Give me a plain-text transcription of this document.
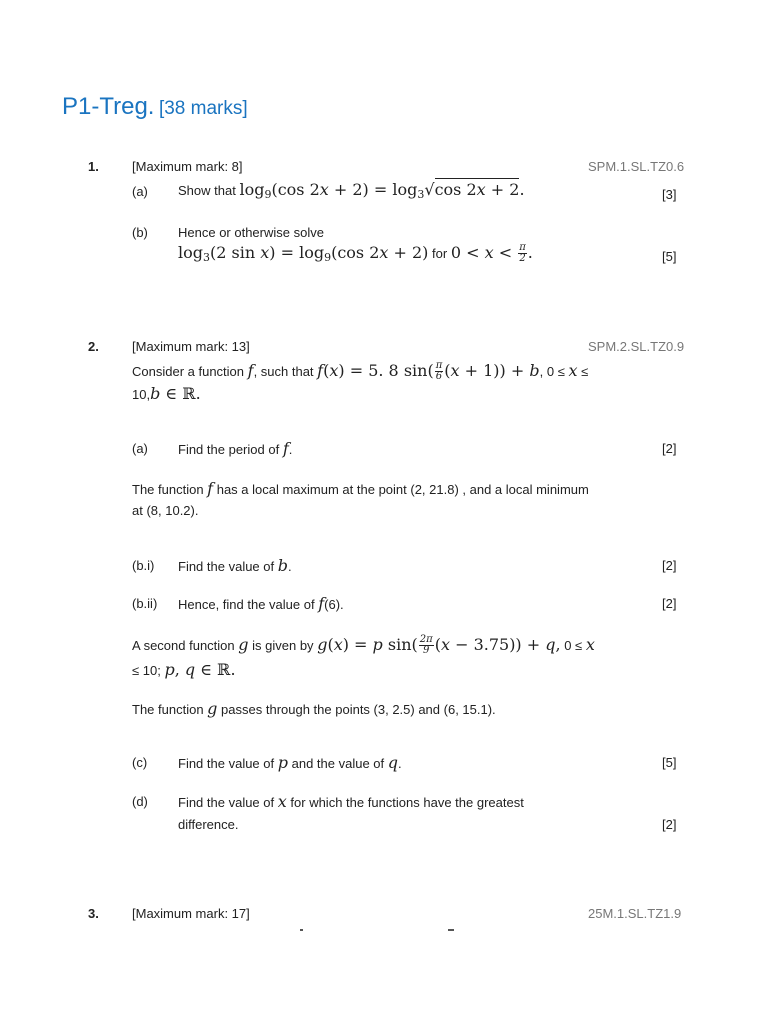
P1-Treg. [38 marks]
1.	[Maximum mark: 8]	SPM.1.SL.TZ0.6
(a) Show that $\log_9(\cos$ $2x + 2) = \log_3√\cos$ 2x + 2.	[3]
(b) Hence or otherwise solve
$\log_3(2$ $\sin x) = \log_9(\cos$ 2x + 2) for $0 < x < \frac{\pi}{2}$ .	[5]
2.	[Maximum mark: 13]	SPM.2.SL.TZ0.9
Consider a function f, such that f(x) = 5. 8 $\sin( \frac{\pi}{6} (x + 1)) + b$, 0 ≤ x ≤
10,b ∈ ℝ.
(a) Find the period of f.	[2]
The function f has a local maximum at the point (2, 21.8) , and a local minimum
at (8, 10.2).
(b.i) Find the value of b.	[2]
(b.ii) Hence, find the value of f(6).	[2]
A second function g is given by g(x) = p $\sin( \frac{2\pi}{9} (x - 3.75)) + q$, 0 ≤ x
≤ 10; p, q ∈ ℝ.
The function g passes through the points (3, 2.5) and (6, 15.1).
(c) Find the value of p and the value of q.	[5]
(d) Find the value of x for which the functions have the greatest
difference.	[2]
3.	[Maximum mark: 17]	25M.1.SL.TZ1.9
